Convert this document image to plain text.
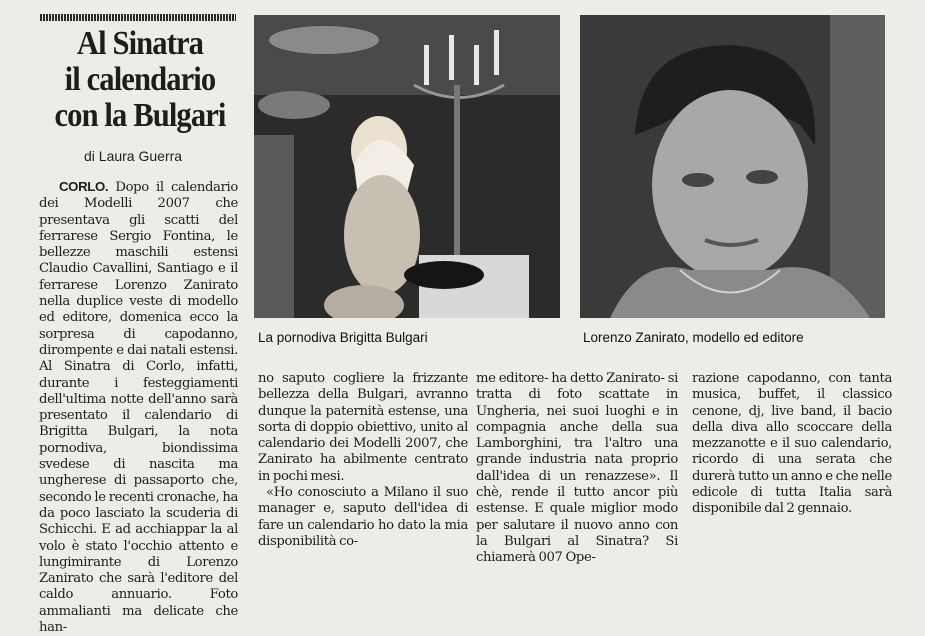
Al Sinatra
il calendario
con la Bulgari
di Laura Guerra

CORLO. Dopo il calendario dei Modelli 2007 che presentava gli scatti del ferrarese Sergio Fontina, le bellezze maschili estensi Claudio Cavallini, Santiago e il ferrarese Lorenzo Zanirato nella duplice veste di modello ed editore, domenica ecco la sorpresa di capodanno, dirompente e dai natali estensi. Al Sinatra di Corlo, infatti, durante i festeggiamenti dell'ultima notte dell'anno sarà presentato il calendario di Brigitta Bulgari, la nota pornodiva, biondissima svedese di nascita ma ungherese di passaporto che, secondo le recenti cronache, ha da poco lasciato la scuderia di Schicchi. E ad acchiappar la al volo è stato l'occhio attento e lungimirante di Lorenzo Zanirato che sarà l'editore del caldo annuario. Foto ammalianti ma delicate che han-

La pornodiva Brigitta Bulgari	Lorenzo Zanirato, modello ed editore

no saputo cogliere la frizzante bellezza della Bulgari, avranno dunque la paternità estense, una sorta di doppio obiettivo, unito al calendario dei Modelli 2007, che Zanirato ha abilmente centrato in pochi mesi.

«Ho conosciuto a Milano il suo manager e, saputo dell'idea di fare un calendario ho dato la mia disponibilità co-

me editore- ha detto Zanirato- si tratta di foto scattate in Ungheria, nei suoi luoghi e in compagnia anche della sua Lamborghini, tra l'altro una grande industria nata proprio dall'idea di un renazzese». Il chè, rende il tutto ancor più estense. E quale miglior modo per salutare il nuovo anno con la Bulgari al Sinatra? Si chiamerà 007 Ope-

razione capodanno, con tanta musica, buffet, il classico cenone, dj, live band, il bacio della diva allo scoccare della mezzanotte e il suo calendario, ricordo di una serata che durerà tutto un anno e che nelle edicole di tutta Italia sarà disponibile dal 2 gennaio.
